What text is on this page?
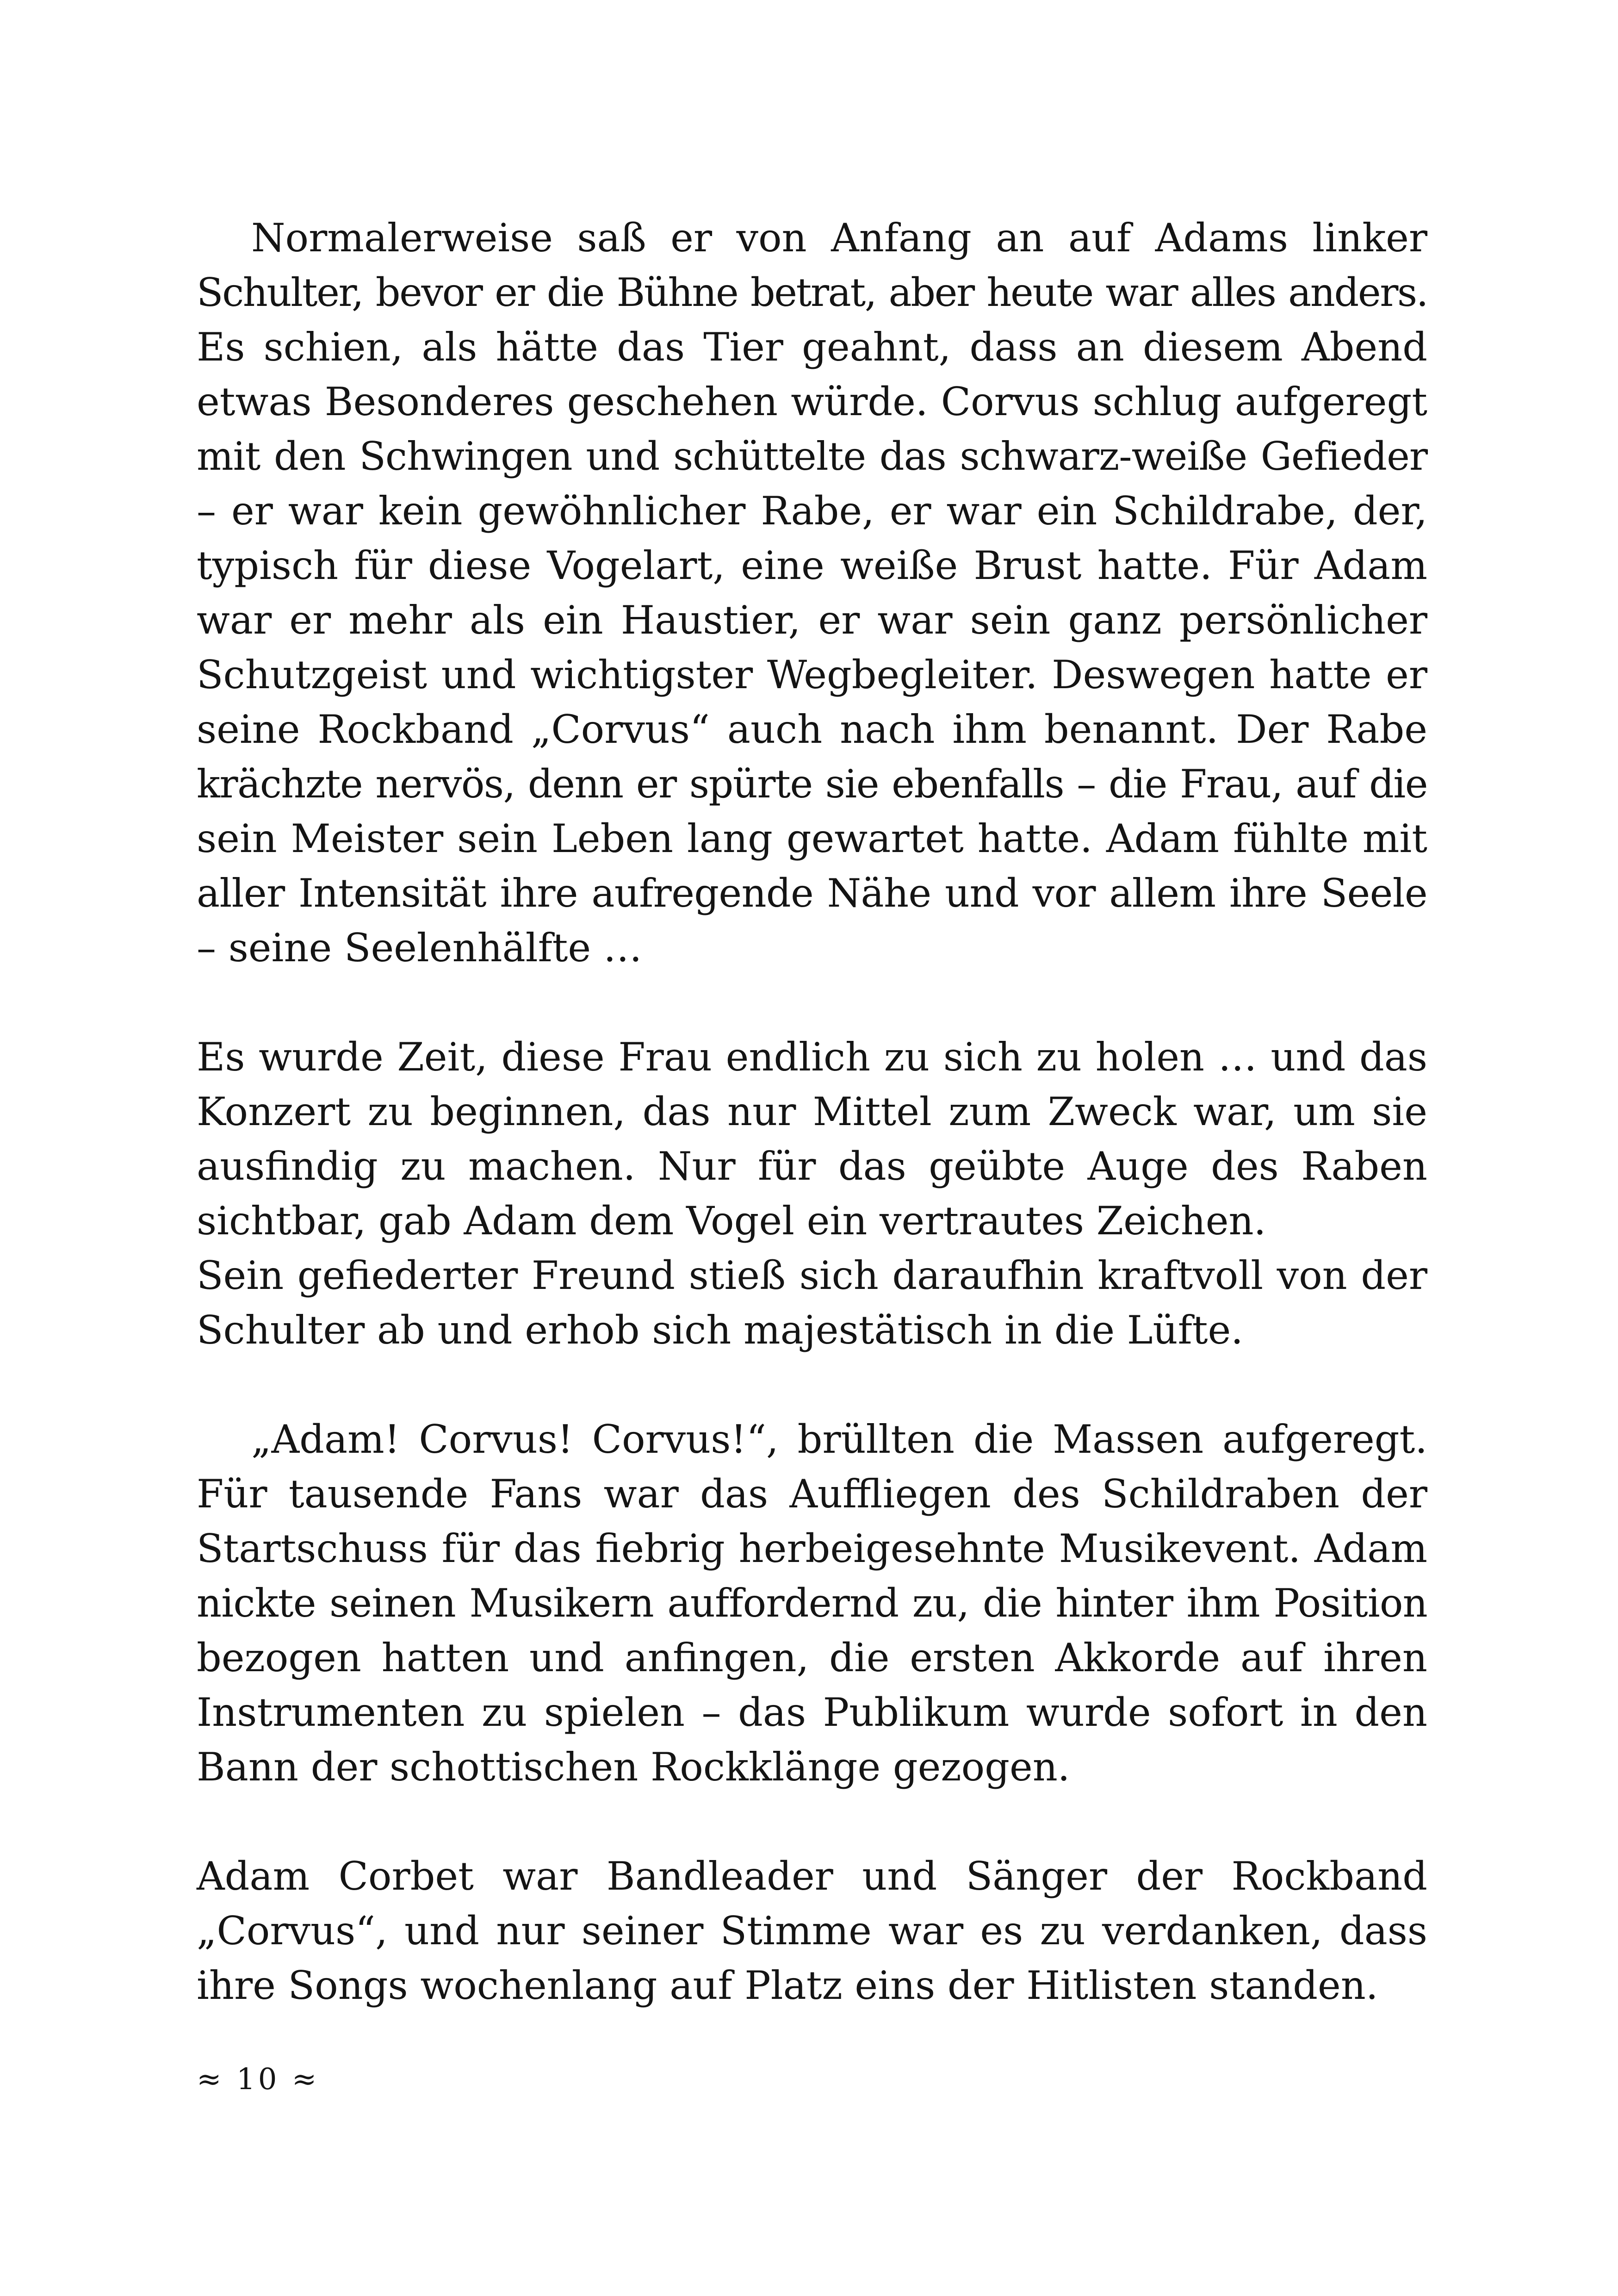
Normalerweise saß er von Anfang an auf Adams linker
Schulter, bevor er die Bühne betrat, aber heute war alles anders.
Es schien, als hätte das Tier geahnt, dass an diesem Abend
etwas Besonderes geschehen würde. Corvus schlug aufgeregt
mit den Schwingen und schüttelte das schwarz-weiße Gefieder
– er war kein gewöhnlicher Rabe, er war ein Schildrabe, der,
typisch für diese Vogelart, eine weiße Brust hatte. Für Adam
war er mehr als ein Haustier, er war sein ganz persönlicher
Schutzgeist und wichtigster Wegbegleiter. Deswegen hatte er
seine Rockband „Corvus“ auch nach ihm benannt. Der Rabe
krächzte nervös, denn er spürte sie ebenfalls – die Frau, auf die
sein Meister sein Leben lang gewartet hatte. Adam fühlte mit
aller Intensität ihre aufregende Nähe und vor allem ihre Seele
– seine Seelenhälfte …
Es wurde Zeit, diese Frau endlich zu sich zu holen … und das
Konzert zu beginnen, das nur Mittel zum Zweck war, um sie
ausfindig zu machen. Nur für das geübte Auge des Raben
sichtbar, gab Adam dem Vogel ein vertrautes Zeichen.
Sein gefiederter Freund stieß sich daraufhin kraftvoll von der
Schulter ab und erhob sich majestätisch in die Lüfte.
„Adam! Corvus! Corvus!“, brüllten die Massen aufgeregt.
Für tausende Fans war das Auffliegen des Schildraben der
Startschuss für das fiebrig herbeigesehnte Musikevent. Adam
nickte seinen Musikern auffordernd zu, die hinter ihm Position
bezogen hatten und anfingen, die ersten Akkorde auf ihren
Instrumenten zu spielen – das Publikum wurde sofort in den
Bann der schottischen Rockklänge gezogen.
Adam Corbet war Bandleader und Sänger der Rockband
„Corvus“, und nur seiner Stimme war es zu verdanken, dass
ihre Songs wochenlang auf Platz eins der Hitlisten standen.
≈ 10 ≈
